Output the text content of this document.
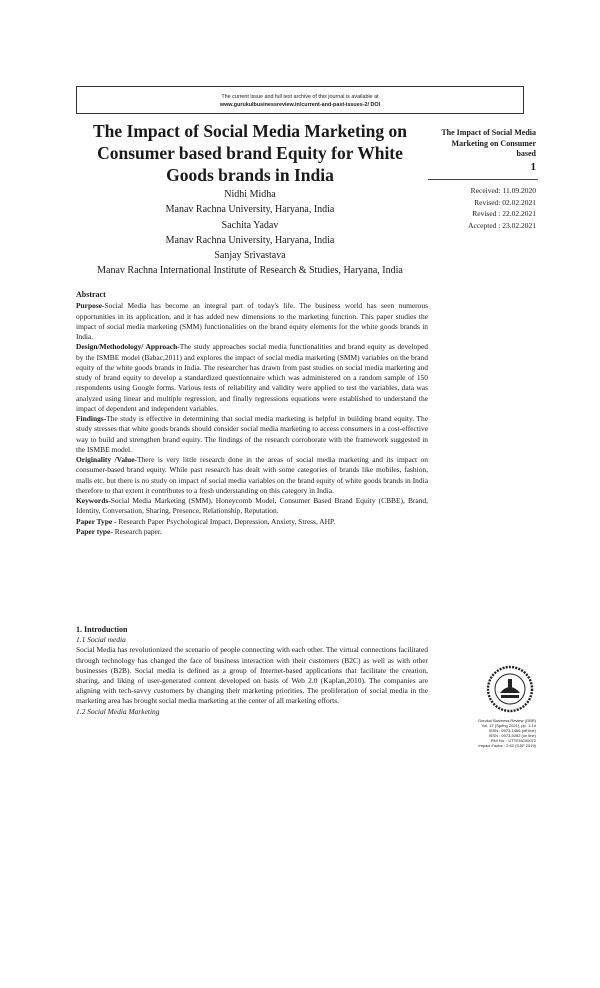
The current issue and full text archive of this journal is available at
www.gurukulbusinessreview.in/current-and-past-issues-2/ DOI
The Impact of Social Media Marketing on Consumer based brand Equity for White Goods brands in India
Nidhi Midha
Manav Rachna University, Haryana, India
Sachita Yadav
Manav Rachna University, Haryana, India
Sanjay Srivastava
Manav Rachna International Institute of Research & Studies, Haryana, India
The Impact of Social Media Marketing on Consumer based
1
Received: 11.09.2020
Revised: 02.02.2021
Revised : 22.02.2021
Accepted : 23.02.2021
Abstract

Purpose-Social Media has become an integral part of today's life. The business world has seen numerous opportunities in its application, and it has added new dimensions to the marketing function. This paper studies the impact of social media marketing (SMM) functionalities on the brand equity elements for the white goods brands in India.

Design/Methodology/ Approach-The study approaches social media functionalities and brand equity as developed by the ISMBE model (Babac,2011) and explores the impact of social media marketing (SMM) variables on the brand equity of the white goods brands in India. The researcher has drawn from past studies on social media marketing and study of brand equity to develop a standardized questionnaire which was administered on a random sample of 150 respondents using Google forms. Various tests of reliability and validity were applied to test the variables, data was analyzed using linear and multiple regression, and finally regressions equations were established to understand the impact of dependent and independent variables.

Findings-The study is effective in determining that social media marketing is helpful in building brand equity. The study stresses that white goods brands should consider social media marketing to access consumers in a cost-effective way to build and strengthen brand equity. The findings of the research corroborate with the framework suggested in the ISMBE model.

Originality /Value-There is very little research done in the areas of social media marketing and its impact on consumer-based brand equity. While past research has dealt with some categories of brands like mobiles, fashion, malls etc. but there is no study on impact of social media variables on the brand equity of white goods brands in India therefore to that extent it contributes to a fresh understanding on this category in India.

Keywords-Social Media Marketing (SMM), Honeycomb Model, Consumer Based Brand Equity (CBBE), Brand, Identity, Conversation, Sharing, Presence, Relationship, Reputation.

Paper Type - Research Paper Psychological Impact, Depression, Anxiety, Stress, AHP.

Paper type- Research paper.

1. Introduction
1.1 Social media

Social Media has revolutionized the scenario of people connecting with each other. The virtual connections facilitated through technology has changed the face of business interaction with their customers (B2C) as well as with other businesses (B2B). Social media is defined as a group of Internet-based applications that facilitate the creation, sharing, and liking of user-generated content developed on basis of Web 2.0 (Kaplan,2010). The companies are aligning with tech-savvy customers by changing their marketing priorities. The proliferation of social media in the marketing area has brought social media marketing at the center of all marketing efforts.

1.2 Social Media Marketing
Gurukul Business Review (GBR)
Vol. 17 (Spring 2021), pp. 1-14
ISSN : 0973-1466 (off line)
ISSN : 0973-9262 (on line)
RNI No. : UTTENG00072
Impact Factor : 2.62 (SJIF 2019)
